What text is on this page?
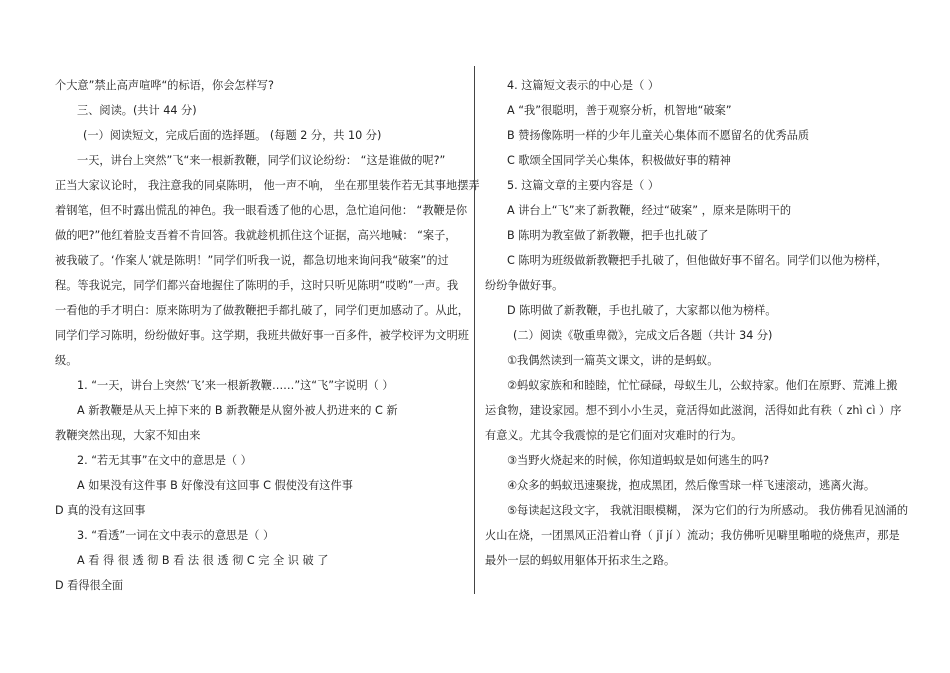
个大意”禁止高声喧哗“的标语，你会怎样写?
三、阅读。(共计 44 分)
(一）阅读短文，完成后面的选择题。 (每题 2 分，共 10 分)
一天，讲台上突然”飞“来一根新教鞭，同学们议论纷纷： “这是谁做的呢?”
正当大家议论时， 我注意我的同桌陈明， 他一声不响， 坐在那里装作若无其事地摆弄
着钢笔，但不时露出慌乱的神色。我一眼看透了他的心思，急忙追问他： “教鞭是你
做的吧?”他红着脸支吾着不肯回答。我就趁机抓住这个证据，高兴地喊： “案子，
被我破了。‘作案人’就是陈明！”同学们听我一说，都急切地来询问我“破案”的过
程。等我说完，同学们都兴奋地握住了陈明的手，这时只听见陈明“哎哟”一声。我
一看他的手才明白：原来陈明为了做教鞭把手都扎破了，同学们更加感动了。从此，
同学们学习陈明，纷纷做好事。这学期，我班共做好事一百多件，被学校评为文明班
级。
1. “一天，讲台上突然‘飞’来一根新教鞭……”这“飞”字说明（ ）
A 新教鞭是从天上掉下来的 B 新教鞭是从窗外被人扔进来的 C 新
教鞭突然出现，大家不知由来
2. “若无其事”在文中的意思是（ ）
A 如果没有这件事 B 好像没有这回事 C 假使没有这件事
D 真的没有这回事
3. “看透”一词在文中表示的意思是（ ）
A 看 得 很 透 彻 B 看 法 很 透 彻 C 完 全 识 破 了
D 看得很全面
4. 这篇短文表示的中心是（ ）
A “我”很聪明，善于观察分析，机智地“破案”
B 赞扬像陈明一样的少年儿童关心集体而不愿留名的优秀品质
C 歌颂全国同学关心集体，积极做好事的精神
5. 这篇文章的主要内容是（ ）
A 讲台上“飞”来了新教鞭，经过“破案” ，原来是陈明干的
B 陈明为教室做了新教鞭，把手也扎破了
C 陈明为班级做新教鞭把手扎破了，但他做好事不留名。同学们以他为榜样，
纷纷争做好事。
D 陈明做了新教鞭，手也扎破了，大家都以他为榜样。
(二）阅读《敬重卑微》，完成文后各题（共计 34 分)
①我偶然读到一篇英文课文，讲的是蚂蚁。
②蚂蚁家族和和睦睦，忙忙碌碌，母蚁生儿，公蚁持家。他们在原野、荒滩上搬
运食物，建设家园。想不到小小生灵，竟活得如此滋润，活得如此有秩（ zhì cì ）序
有意义。尤其令我震惊的是它们面对灾难时的行为。
③当野火烧起来的时候，你知道蚂蚁是如何逃生的吗?
④众多的蚂蚁迅速聚拢，抱成黑团，然后像雪球一样飞速滚动，逃离火海。
⑤每读起这段文字， 我就泪眼模糊， 深为它们的行为所感动。 我仿佛看见汹涌的
火山在烧，一团黑风正沿着山脊（ jǐ jí ）流动；我仿佛听见噼里啪啦的烧焦声，那是
最外一层的蚂蚁用躯体开拓求生之路。
